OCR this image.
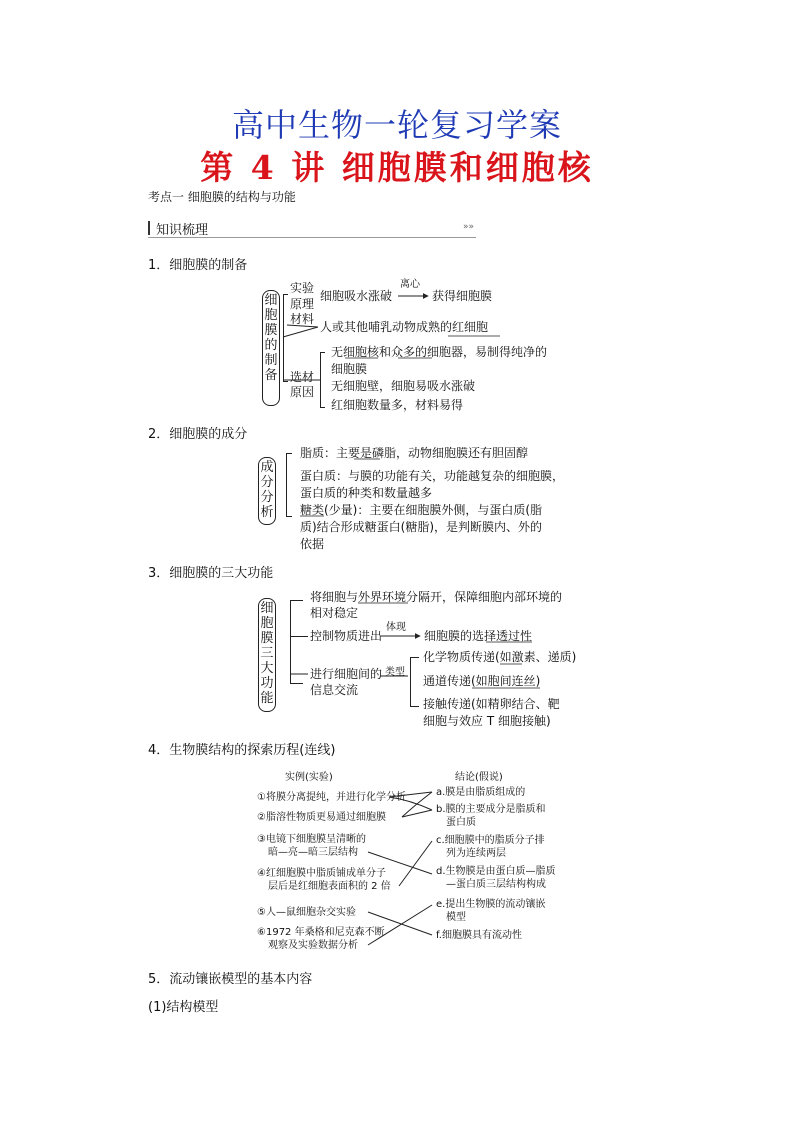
高中生物一轮复习学案
第 4 讲 细胞膜和细胞核
考点一 细胞膜的结构与功能
知识梳理	»»
1．细胞膜的制备
细胞膜的制备
实验
原理
细胞吸水涨破
离心
获得细胞膜
材料
人或其他哺乳动物成熟的红细胞
选材
原因
无细胞核和众多的细胞器，易制得纯净的
细胞膜
无细胞壁，细胞易吸水涨破
红细胞数量多，材料易得
2．细胞膜的成分
成分分析
脂质：主要是磷脂，动物细胞膜还有胆固醇
蛋白质：与膜的功能有关，功能越复杂的细胞膜，
蛋白质的种类和数量越多
糖类(少量)：主要在细胞膜外侧，与蛋白质(脂
质)结合形成糖蛋白(糖脂)，是判断膜内、外的
依据
3．细胞膜的三大功能
细胞膜三大功能
将细胞与外界环境分隔开，保障细胞内部环境的
相对稳定
控制物质进出
体现
细胞膜的选择透过性
进行细胞间的
信息交流
类型
化学物质传递(如激素、递质)
通道传递(如胞间连丝)
接触传递(如精卵结合、靶
细胞与效应 T 细胞接触)
4．生物膜结构的探索历程(连线)
实例(实验)	结论(假说)
①将膜分离提纯，并进行化学分析
②脂溶性物质更易通过细胞膜
③电镜下细胞膜呈清晰的
暗—亮—暗三层结构
④红细胞膜中脂质铺成单分子
层后是红细胞表面积的 2 倍
⑤人—鼠细胞杂交实验
⑥1972 年桑格和尼克森不断
观察及实验数据分析
a.膜是由脂质组成的
b.膜的主要成分是脂质和
蛋白质
c.细胞膜中的脂质分子排
列为连续两层
d.生物膜是由蛋白质—脂质
—蛋白质三层结构构成
e.提出生物膜的流动镶嵌
模型
f.细胞膜具有流动性
5．流动镶嵌模型的基本内容
(1)结构模型
